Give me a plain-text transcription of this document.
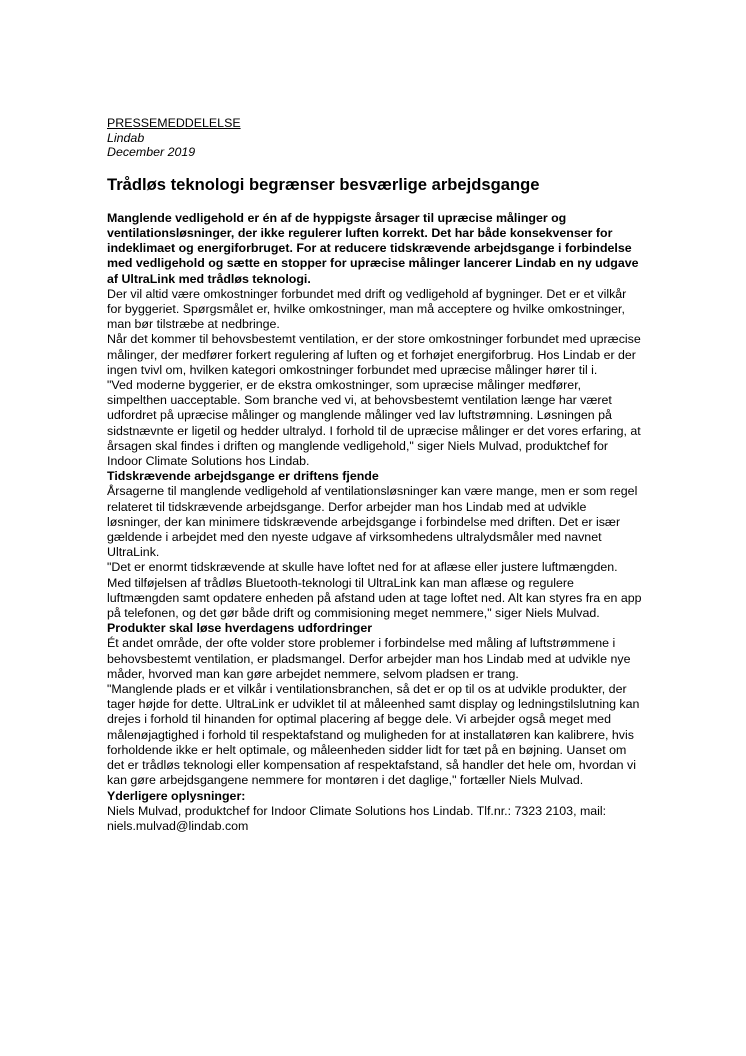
PRESSEMEDDELELSE
Lindab
December 2019
Trådløs teknologi begrænser besværlige arbejdsgange
Manglende vedligehold er én af de hyppigste årsager til upræcise målinger og ventilationsløsninger, der ikke regulerer luften korrekt. Det har både konsekvenser for indeklimaet og energiforbruget. For at reducere tidskrævende arbejdsgange i forbindelse med vedligehold og sætte en stopper for upræcise målinger lancerer Lindab en ny udgave af UltraLink med trådløs teknologi.

Der vil altid være omkostninger forbundet med drift og vedligehold af bygninger. Det er et vilkår for byggeriet. Spørgsmålet er, hvilke omkostninger, man må acceptere og hvilke omkostninger, man bør tilstræbe at nedbringe.

Når det kommer til behovsbestemt ventilation, er der store omkostninger forbundet med upræcise målinger, der medfører forkert regulering af luften og et forhøjet energiforbrug. Hos Lindab er der ingen tvivl om, hvilken kategori omkostninger forbundet med upræcise målinger hører til i.

"Ved moderne byggerier, er de ekstra omkostninger, som upræcise målinger medfører, simpelthen uacceptable. Som branche ved vi, at behovsbestemt ventilation længe har været udfordret på upræcise målinger og manglende målinger ved lav luftstrømning. Løsningen på sidstnævnte er ligetil og hedder ultralyd. I forhold til de upræcise målinger er det vores erfaring, at årsagen skal findes i driften og manglende vedligehold," siger Niels Mulvad, produktchef for Indoor Climate Solutions hos Lindab.

Tidskrævende arbejdsgange er driftens fjende

Årsagerne til manglende vedligehold af ventilationsløsninger kan være mange, men er som regel relateret til tidskrævende arbejdsgange. Derfor arbejder man hos Lindab med at udvikle løsninger, der kan minimere tidskrævende arbejdsgange i forbindelse med driften. Det er især gældende i arbejdet med den nyeste udgave af virksomhedens ultralydsmåler med navnet UltraLink.

"Det er enormt tidskrævende at skulle have loftet ned for at aflæse eller justere luftmængden. Med tilføjelsen af trådløs Bluetooth-teknologi til UltraLink kan man aflæse og regulere luftmængden samt opdatere enheden på afstand uden at tage loftet ned. Alt kan styres fra en app på telefonen, og det gør både drift og commisioning meget nemmere," siger Niels Mulvad.

Produkter skal løse hverdagens udfordringer

Ét andet område, der ofte volder store problemer i forbindelse med måling af luftstrømmene i behovsbestemt ventilation, er pladsmangel. Derfor arbejder man hos Lindab med at udvikle nye måder, hvorved man kan gøre arbejdet nemmere, selvom pladsen er trang.

"Manglende plads er et vilkår i ventilationsbranchen, så det er op til os at udvikle produkter, der tager højde for dette. UltraLink er udviklet til at måleenhed samt display og ledningstilslutning kan drejes i forhold til hinanden for optimal placering af begge dele. Vi arbejder også meget med målenøjagtighed i forhold til respektafstand og muligheden for at installatøren kan kalibrere, hvis forholdende ikke er helt optimale, og måleenheden sidder lidt for tæt på en bøjning. Uanset om det er trådløs teknologi eller kompensation af respektafstand, så handler det hele om, hvordan vi kan gøre arbejdsgangene nemmere for montøren i det daglige," fortæller Niels Mulvad.

Yderligere oplysninger:

Niels Mulvad, produktchef for Indoor Climate Solutions hos Lindab. Tlf.nr.: 7323 2103, mail: niels.mulvad@lindab.com
